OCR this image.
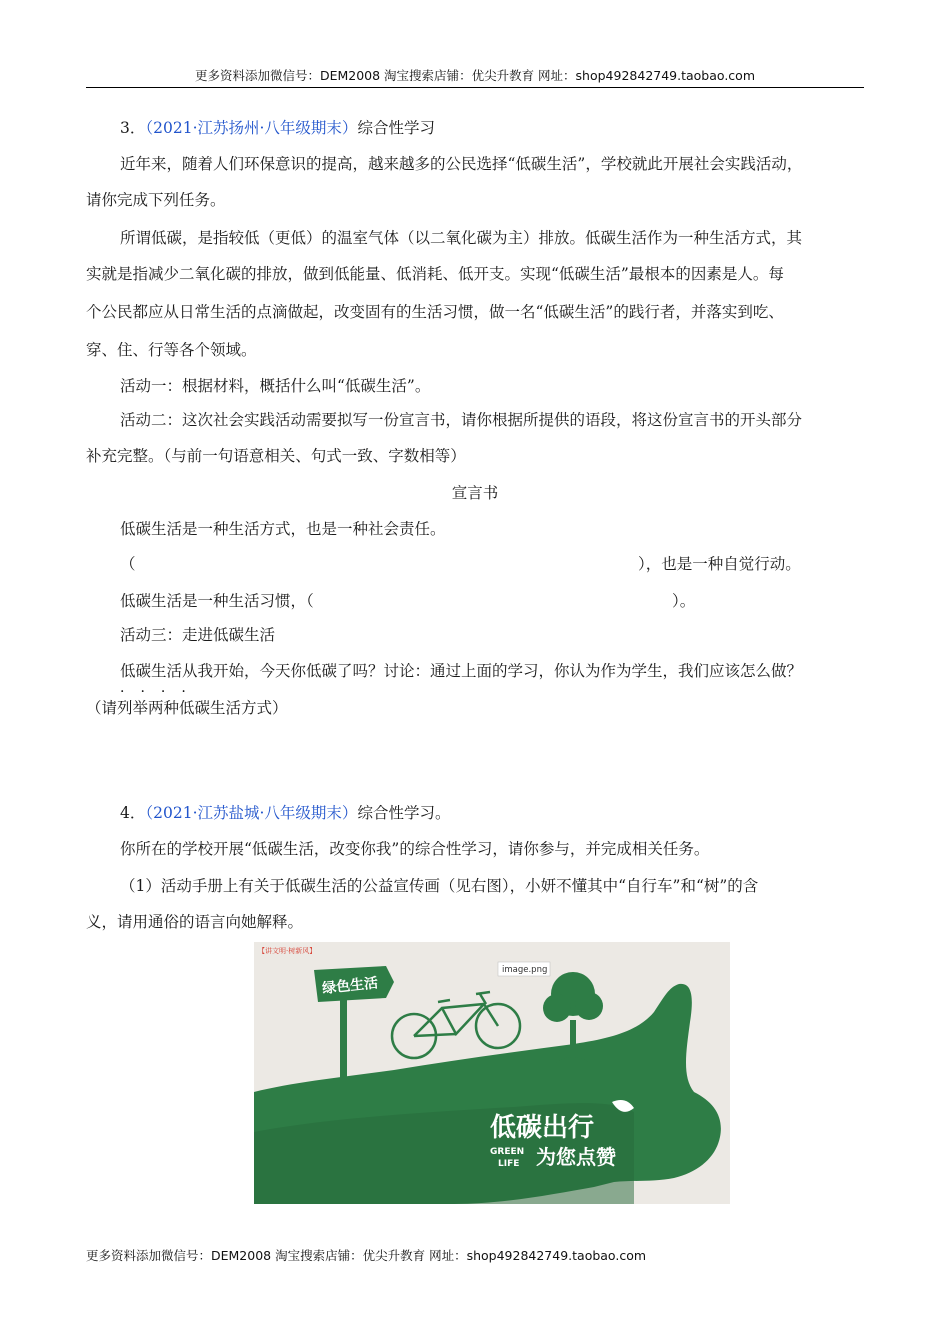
更多资料添加微信号：DEM2008 淘宝搜索店铺：优尖升教育 网址：shop492842749.taobao.com
3．（2021·江苏扬州·八年级期末）综合性学习
近年来，随着人们环保意识的提高，越来越多的公民选择“低碳生活”，学校就此开展社会实践活动，
请你完成下列任务。
所谓低碳，是指较低（更低）的温室气体（以二氧化碳为主）排放。低碳生活作为一种生活方式，其
实就是指减少二氧化碳的排放，做到低能量、低消耗、低开支。实现“低碳生活”最根本的因素是人。每
个公民都应从日常生活的点滴做起，改变固有的生活习惯，做一名“低碳生活”的践行者，并落实到吃、
穿、住、行等各个领域。
活动一：根据材料，概括什么叫“低碳生活”。
活动二：这次社会实践活动需要拟写一份宣言书，请你根据所提供的语段，将这份宣言书的开头部分
补充完整。（与前一句语意相关、句式一致、字数相等）
宣言书
低碳生活是一种生活方式，也是一种社会责任。
（	），也是一种自觉行动。
低碳生活是一种生活习惯，（	）。
活动三：走进低碳生活
低碳生活从我开始，今天你低碳了吗？讨论：通过上面的学习，你认为作为学生，我们应该怎么做？
····
（请列举两种低碳生活方式）
4．（2021·江苏盐城·八年级期末）综合性学习。
你所在的学校开展“低碳生活，改变你我”的综合性学习，请你参与，并完成相关任务。
（1）活动手册上有关于低碳生活的公益宣传画（见右图），小妍不懂其中“自行车”和“树”的含
义，请用通俗的语言向她解释。
【讲文明·树新风】
绿色生活
image.png
低碳出行
GREEN
LIFE 为您点赞
更多资料添加微信号：DEM2008 淘宝搜索店铺：优尖升教育 网址：shop492842749.taobao.com
